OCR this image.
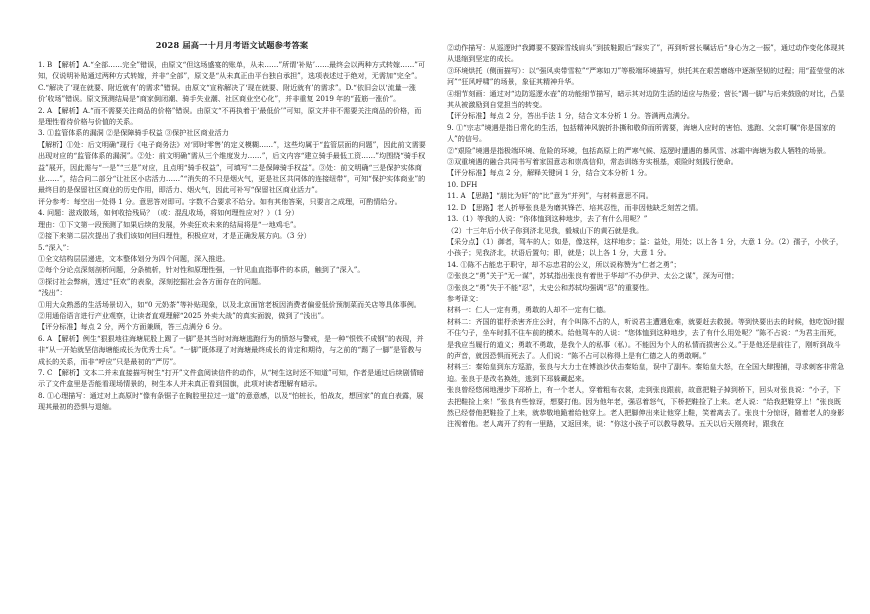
2028 届高一十月月考语文试题参考答案

1. B 【解析】A.“全部……完全”错误，由原文“但这场盛宴的账单，从未……”所谓‘补贴’……最终会以两种方式转嫁……”可知，仅说明补贴通过两种方式转嫁，并非“全部”，原文是“从未真正由平台独自承担”，选项表述过于绝对，无需加“完全”。C.“解决了‘现在就要、附近就有’的需求”错误。由原文“宣称解决了‘现在就要、附近就有’的需求”。D.“依旧会以‘流量一涨价’收场”错误。原文预测结局是“商家倒闭潮、骑手失业潮、社区商业空心化”，并非重复 2019 年的“蓝筋一涨价”。

2. A 【解析】A.“而不需要关注商品的价格”错误。由原文“不再执着于‘最低价’”可知，原文并非不需要关注商品的价格，而是理性看待价格与价值的关系。

3. ①监管体系的漏洞 ②是保障骑手权益 ③保护社区商业活力

【解析】①处：后文明确“现行《电子商务法》对‘即时零售’的定义模糊……”，这些均属于“监管层面的问题”，因此前文需要出现对应的“监管体系的漏洞”。②处：前文明确“需从三个维度发力……”，后文内容“建立骑手最低工资……”均围绕“骑手权益”展开，因此需与“一是”“三是”对应，且点明“骑手权益”，可填写“二是保障骑手权益”。③处：前文明确“三是保护实体商业……”，结合问二部分“让社区小店活力……”“消失的不只是烟火气，更是社区共同体的连接纽带”，可知“保护实体商业”的最终目的是保留社区商业的历史作用，即活力、烟火气，因此可补写“保留社区商业活力”。

评分参考：每空出一处得 1 分。意思答对即可。字数不合要求不给分。如有其他答案，只要言之成理，可酌情给分。

4. 问题：滋戏散场，如何收拾残局？（或：混乱收场，将如何理性应对？）（1 分）

理由：①下文第一段预测了如果后续的发展，外卖狂欢未来的结局将是“一地鸡毛”。

②接下来第二层次提出了我们该如何回归理性，积极应对，才是正确发展方向。（3 分）

5.“深入”：

①全文结构层层递进，文本整体划分为四个问题，深入推进。

②每个分论点深刻剖析问题，分条梳析，针对性和原理性强，一针见血直指事件的本质，触到了“深入”。

③探讨社会弊病，透过“狂欢”的表象，深刻挖掘社会各方面存在的问题。

“浅出”：

①用大众熟悉的生活场景切入，如“0 元奶茶”等补贴现象，以及北京面馆老板因消费者偏爱低价预制菜而关店等具体事例。

②用通俗语言进行产业观察，让读者直观理解“2025 外卖大战”的真实面貌，做到了“浅出”。

【评分标准】每点 2 分，两个方面兼顾，答三点满分 6 分。

6. A 【解析】例生“狠狠地往海塘屁股上踢了一脚”是其当时对海塘逃跑行为的愤怒与警戒，是一种“恨铁不成钢”的表现，并非“从一开始就坚信海塘能成长为优秀士兵”。“一脚”既体现了对海塘最终成长的肯定和期待，与之前的“踢了一脚”是管教与成长的关系，而非“呼应”只是最初的“严厉”。

7. C 【解析】文本二并未直接描写树生“打开”文件盒阅读信件的动作，从“树生这时还不知道”可知，作者是通过后续剧情暗示了文件盒里是否能看现场情景的，树生本人并未真正看到国旗，此项对读者理解有暗示。

8. ①心理描写：通过对上高原时“像有条锯子在胸腔里拉过一道”的意意感，以及“怕桩长，怕战友，想回家”的直白表露，展现其最初的恐惧与退缩。

②动作描写：从巡逻时“我蹲要不要踩雪线肩头”到拔鞋跟后“踩实了”，再到听营长嘱话后“身心为之一振”，通过动作变化体现其从退缩到坚定的成长。

③环境烘托（侧面描写）：以“强风卖带雪粒”“严寒如刀”等极端环境描写，烘托其在艰苦磨练中逐渐坚韧的过程；用“蓝莹莹的冰河”“狂风呼啸”的场景，象征其精神升华。

④细节刻画：通过对“边防巡逻水壶”的功能细节描写，暗示其对边防生活的适应与热爱；营长“踢一脚”与后来鼓励的对比，凸显其从被激励到自觉担当的转变。

【评分标准】每点 2 分，答出手法 1 分，结合文本分析 1 分。答满两点满分。

9. ①“宗志”境遇是指日常化的生活，包括精神风貌折扑撕和敬仰而所需要，海塘人应时的害怕、逃跑、父亲叮嘱“你是国家的人”的信号。

②“艰险”境遇是指极端环境、危险的环境，包括高原上的严寒气候、巡逻时遭遇的暴风雪、冰霜中海塘为救人牺牲的场景。

③双重境遇的融合共同书写着家国意志和崇高信仰，常态训练夯实根基，艰险时刻践行使命。

【评分标准】每点 2 分，解释关键词 1 分，结合文本分析 1 分。

10. DFH

11. A 【思路】“朋比为奸”的“比”意为“并列”，与材料意思不同。

12. D 【思路】老人折辱张良是为磨其锋芒、培其忍性，而非因他缺乏刻苦之情。

13.（1）等我的人说：“你体恤到这种地步，去了有什么用呢？”

（2）十三年后小伙子你到济北见我，毅城山下的黄石就是我。

【采分点】（1）御者，驾车的人；如是，像这样，这样地步；益：益处，用处；以上各 1 分，大意 1 分。（2）孺子，小伙子，小孩子；见我济北，状语后置句；即，就是；以上各 1 分，大意 1 分。

14. ①陈不占能忠于职守，却不忘忠君的公义，所以说称赞为“仁者之勇”；

②张良之“勇”关于“无一谋”，苏轼指出张良有着世于华却“不办伊尹、太公之谋”，深为可惜；

③张良之“勇”失于不能“忍”，太史公和苏轼均强调“忍”的重要性。

参考译文：

材料一：仁人一定有勇，勇敢的人却不一定有仁德。

材料二：齐国的崔杼杀害齐庄公时，有个叫陈不占的人，听说君主遭遇危难，就要赶去救援。等到快要出去的时候，他吃饭时握不住勺子，坐车时抓不住车前的横木。给他驾车的人说：“您体恤到这种地步，去了有什么用处呢？”陈不占说：“为君主而死，是我应当履行的道义；勇敢不勇敢，是我个人的私事（私）。不能因为个人的私情而损害公义。”于是他还是前往了，刚听到战斗的声音，就因恐惧而死去了。人们说：“陈不占可以称得上是有仁德之人的勇敢啊。”

材料三：秦始皇到东方巡游，张良与大力士在博浪沙伏击秦始皇，误中了副车。秦始皇大怒，在全国大肆搜捕，寻求刺客非常急迫。张良于是改名换姓，逃到下邳躲藏起来。

张良曾经悠闲地漫步下邳桥上，有一个老人，穿着粗布衣裳，走到张良跟前，故意把鞋子掉到桥下，回头对张良说：“小子，下去把鞋捡上来！”张良有些惊讶，想要打他。因为他年老，强忍着怒气，下桥把鞋捡了上来。老人说：“给我把鞋穿上！”张良既然已经替他把鞋捡了上来，就恭敬地跪着给他穿上。老人把脚伸出来让他穿上鞋，笑着离去了。张良十分惊讶，随着老人的身影注视着他。老人离开了约有一里路，又返回来，说：“你这小孩子可以教导教导。五天以后天刚亮时，跟我在
